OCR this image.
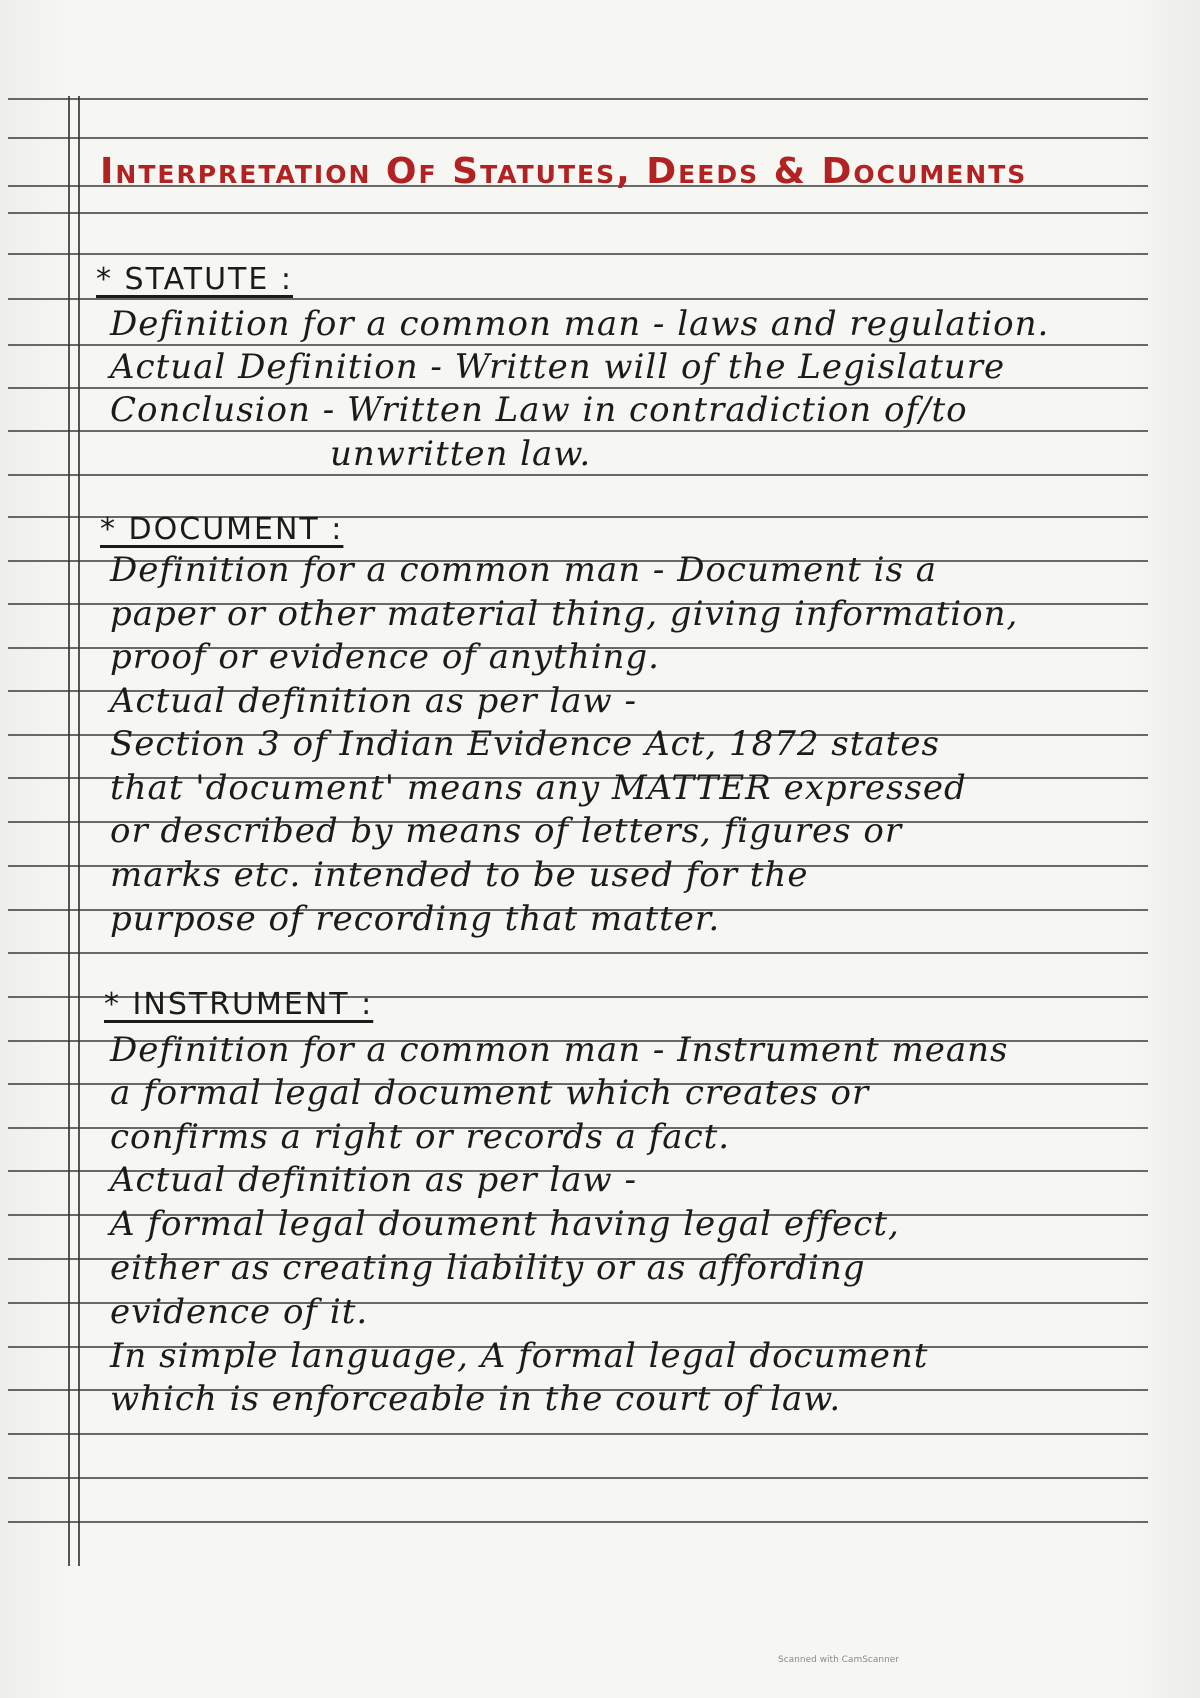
Interpretation Of Statutes, Deeds & Documents

* STATUTE :

Definition for a common man - laws and regulation.

Actual Definition - Written will of the Legislature

Conclusion - Written Law in contradiction of/to

unwritten law.

* DOCUMENT :

Definition for a common man - Document is a

paper or other material thing, giving information,

proof or evidence of anything.

Actual definition as per law -

Section 3 of Indian Evidence Act, 1872 states

that 'document' means any MATTER expressed

or described by means of letters, figures or

marks etc. intended to be used for the

purpose of recording that matter.

* INSTRUMENT :

Definition for a common man - Instrument means

a formal legal document which creates or

confirms a right or records a fact.

Actual definition as per law -

A formal legal doument having legal effect,

either as creating liability or as affording

evidence of it.

In simple language, A formal legal document

which is enforceable in the court of law.

Scanned with CamScanner
